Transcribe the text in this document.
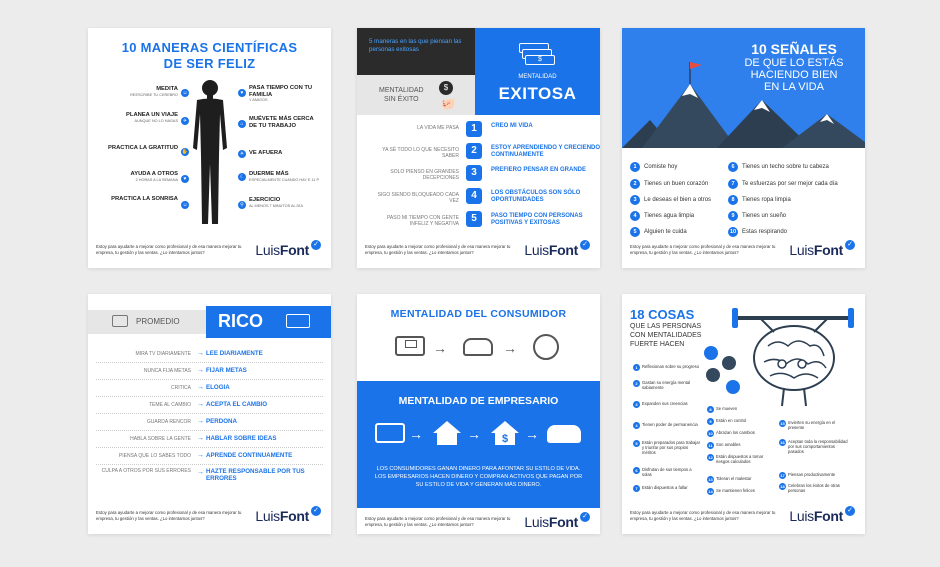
10 MANERAS CIENTÍFICAS
DE SER FELIZ
MEDITA
REESCRIBE TU CEREBRO ☺
PLANEA UN VIAJE
AUNQUE NO LO HAGAS ✈
PRACTICA LA GRATITUD
✋
AYUDA A OTROS
2 HORAS A LA SEMANA	♥
PRACTICA LA SONRISA
☺
♥
PASA TIEMPO CON TU FAMILIA
Y AMIGOS
⌂
MUÉVETE MÁS CERCA DE TU TRABAJO
☀ VE AFUERA
☾ DUERME MÁS
ESPECIALMENTE CUANDO HAY E 11 P
⚲
EJERCICIO
AL MENOS 7 MINUTOS AL DÍA
Estoy para ayudarte a mejorar como profesional y de esa manera mejorar tu empresa, tu gestión y las ventas. ¿Lo intentamos juntos?	LuisFont ✓
5 maneras en las que piensan las personas exitosas
MENTALIDAD
SIN ÉXITO
$
🐖
$
MENTALIDAD
EXITOSA
LA VIDA ME PASA	1	CREO MI VIDA
YA SÉ TODO LO QUE NECESITO SABER	2	ESTOY APRENDIENDO Y CRECIENDO CONTINUAMENTE
SOLO PIENSO EN GRANDES DECEPCIONES	3	PREFIERO PENSAR EN GRANDE
SIGO SIENDO BLOQUEADO CADA VEZ	4	LOS OBSTÁCULOS SON SÓLO OPORTUNIDADES
PASO MI TIEMPO CON GENTE INFELIZ Y NEGATIVA	5	PASO TIEMPO CON PERSONAS POSITIVAS Y EXITOSAS
Estoy para ayudarte a mejorar como profesional y de esa manera mejorar tu empresa, tu gestión y las ventas. ¿Lo intentamos juntos?	LuisFont ✓
10 SEÑALES
DE QUE LO ESTÁS
HACIENDO BIEN
EN LA VIDA
1 Comiste hoy
2 Tienes un buen corazón
3 Le deseas el bien a otros
4 Tienes agua limpia
5 Alguien te cuida
6 Tienes un techo sobre tu cabeza
7 Te esfuerzas por ser mejor cada día
8 Tienes ropa limpia
9 Tienes un sueño
10 Estas respirando
Estoy para ayudarte a mejorar como profesional y de esa manera mejorar tu empresa, tu gestión y las ventas. ¿Lo intentamos juntos?	LuisFont ✓
PROMEDIO RICO
MIRA TV DIARIAMENTE → LEE DIARIAMENTE
NUNCA FIJA METAS → FIJAR METAS
CRITICA → ELOGIA
TEME AL CAMBIO → ACEPTA EL CAMBIO
GUARDA RENCOR → PERDONA
HABLA SOBRE LA GENTE → HABLAR SOBRE IDEAS
PIENSA QUE LO SABES TODO → APRENDE CONTINUAMENTE
CULPA A OTROS POR SUS ERRORES → HAZTE RESPONSABLE POR TUS ERRORES
Estoy para ayudarte a mejorar como profesional y de esa manera mejorar tu empresa, tu gestión y las ventas. ¿Lo intentamos juntos?	LuisFont ✓
MENTALIDAD DEL CONSUMIDOR
→	→
MENTALIDAD DE EMPRESARIO
→	→ $ →
LOS CONSUMIDORES GANAN DINERO PARA AFONTAR SU ESTILO DE VIDA. LOS EMPRESARIOS HACEN DINERO Y COMPRAN ACTIVOS QUE PAGAN POR SU ESTILO DE VIDA Y GENERAN MÁS DINERO.
Estoy para ayudarte a mejorar como profesional y de esa manera mejorar tu empresa, tu gestión y las ventas. ¿Lo intentamos juntos?	LuisFont ✓
18 COSAS
QUE LAS PERSONAS
CON MENTALIDADES
FUERTE HACEN
1	Reflexionan sobre su progreso
2	Gastan su energía mental sabiamente
3	Expanden sus creencias
4	Tienen poder de permanencia
5	Están preparados para trabajar y triunfar por sus propios méritos
6	Disfrutan de sus tiempos a solas
7	Están dispuestos a fallar
8	Se mueven
9	Están en control
10 Abrazan los cambios
11 Son amables
12 Están dispuestos a tomar riesgos calculados
13 Toleran el malestar
14 Se mantienen felices
15 Invierten su energía en el presente
16 Aceptan toda la responsabilidad por sus comportamientos pasados
17 Piensan productivamente
18 Celebran los éxitos de otras personas
Estoy para ayudarte a mejorar como profesional y de esa manera mejorar tu empresa, tu gestión y las ventas. ¿Lo intentamos juntos?	LuisFont ✓
